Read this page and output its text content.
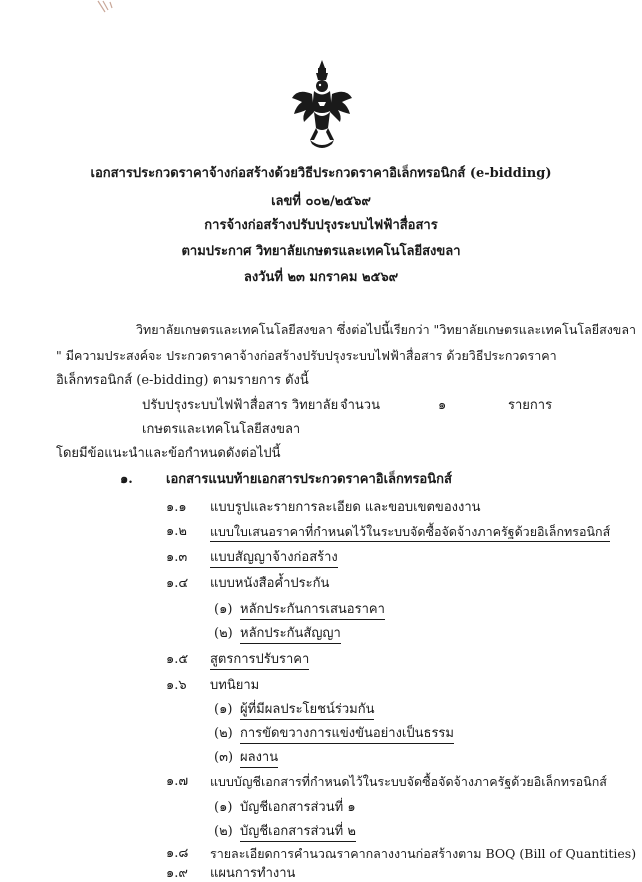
เอกสารประกวดราคาจ้างก่อสร้างด้วยวิธีประกวดราคาอิเล็กทรอนิกส์ (e-bidding)
เลขที่ ๐๐๒/๒๕๖๙
การจ้างก่อสร้างปรับปรุงระบบไฟฟ้าสื่อสาร
ตามประกาศ วิทยาลัยเกษตรและเทคโนโลยีสงขลา
ลงวันที่ ๒๓ มกราคม ๒๕๖๙
วิทยาลัยเกษตรและเทคโนโลยีสงขลา ซึ่งต่อไปนี้เรียกว่า "วิทยาลัยเกษตรและเทคโนโลยีสงขลา
" มีความประสงค์จะ ประกวดราคาจ้างก่อสร้างปรับปรุงระบบไฟฟ้าสื่อสาร ด้วยวิธีประกวดราคา
อิเล็กทรอนิกส์ (e-bidding) ตามรายการ ดังนี้
ปรับปรุงระบบไฟฟ้าสื่อสาร วิทยาลัย จำนวน	๑	รายการ
เกษตรและเทคโนโลยีสงขลา
โดยมีข้อแนะนำและข้อกำหนดดังต่อไปนี้
๑.	เอกสารแนบท้ายเอกสารประกวดราคาอิเล็กทรอนิกส์
๑.๑ แบบรูปและรายการละเอียด และขอบเขตของงาน
๑.๒ แบบใบเสนอราคาที่กำหนดไว้ในระบบจัดซื้อจัดจ้างภาครัฐด้วยอิเล็กทรอนิกส์
๑.๓ แบบสัญญาจ้างก่อสร้าง
๑.๔ แบบหนังสือค้ำประกัน
(๑) หลักประกันการเสนอราคา
(๒) หลักประกันสัญญา
๑.๕ สูตรการปรับราคา
๑.๖ บทนิยาม
(๑) ผู้ที่มีผลประโยชน์ร่วมกัน
(๒) การขัดขวางการแข่งขันอย่างเป็นธรรม
(๓) ผลงาน
๑.๗ แบบบัญชีเอกสารที่กำหนดไว้ในระบบจัดซื้อจัดจ้างภาครัฐด้วยอิเล็กทรอนิกส์
(๑) บัญชีเอกสารส่วนที่ ๑
(๒) บัญชีเอกสารส่วนที่ ๒
๑.๘ รายละเอียดการคำนวณราคากลางงานก่อสร้างตาม BOQ (Bill of Quantities)
๑.๙ แผนการทำงาน
